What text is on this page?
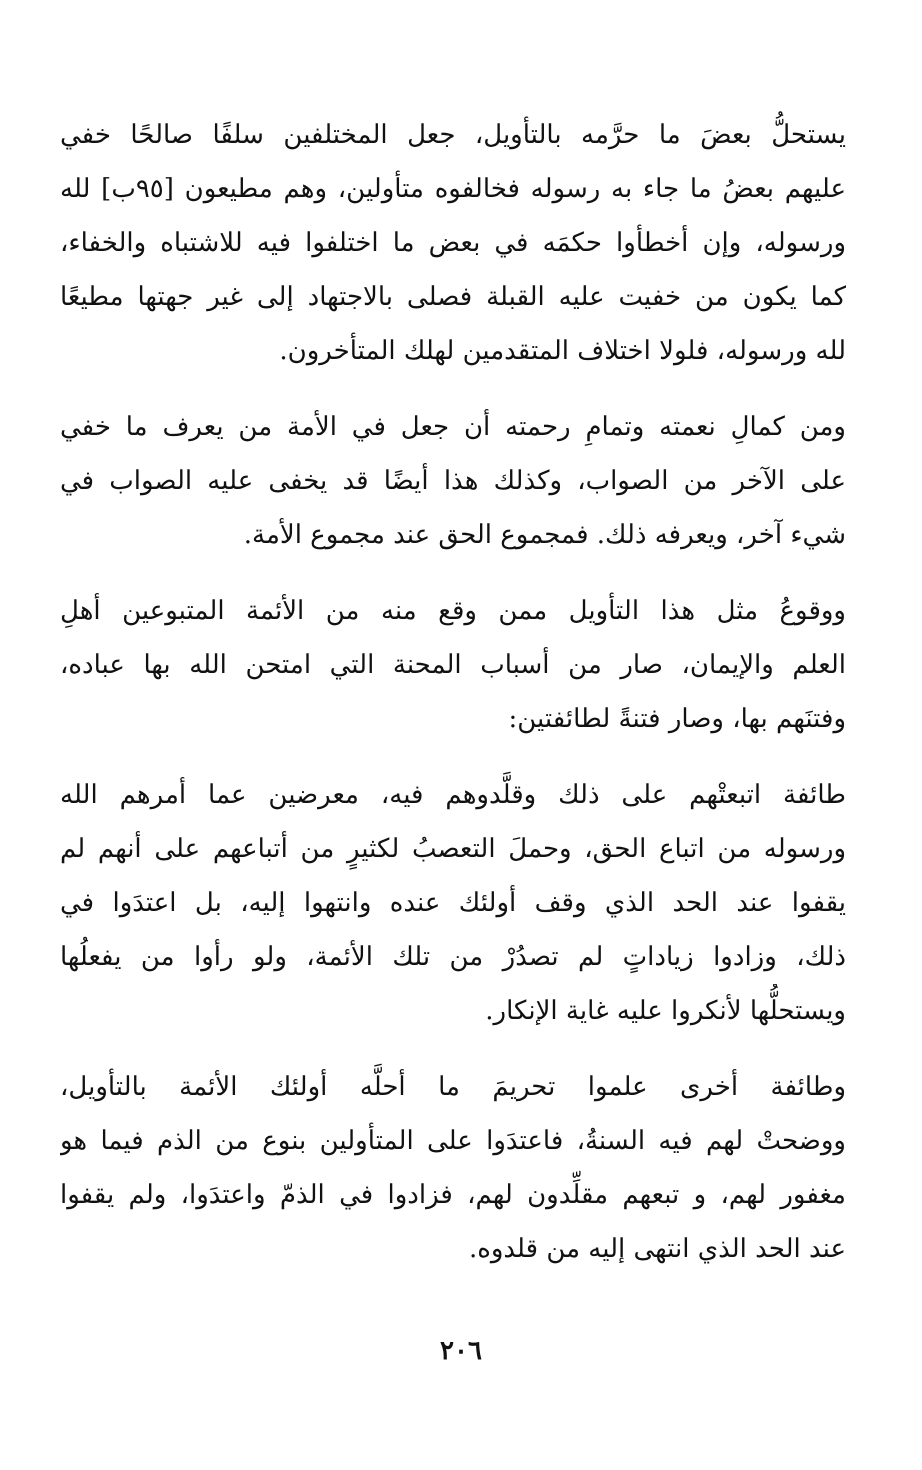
يستحلُّ بعضَ ما حرَّمه بالتأويل، جعل المختلفين سلفًا صالحًا خفي
عليهم بعضُ ما جاء به رسوله فخالفوه متأولين، وهم مطيعون [٩٥ب] لله
ورسوله، وإن أخطأوا حكمَه في بعض ما اختلفوا فيه للاشتباه والخفاء،
كما يكون من خفيت عليه القبلة فصلى بالاجتهاد إلى غير جهتها مطيعًا
لله ورسوله، فلولا اختلاف المتقدمين لهلك المتأخرون.

ومن كمالِ نعمته وتمامِ رحمته أن جعل في الأمة من يعرف ما خفي
على الآخر من الصواب، وكذلك هذا أيضًا قد يخفى عليه الصواب في
شيء آخر، ويعرفه ذلك. فمجموع الحق عند مجموع الأمة.

ووقوعُ مثل هذا التأويل ممن وقع منه من الأئمة المتبوعين أهلِ
العلم والإيمان، صار من أسباب المحنة التي امتحن الله بها عباده،
وفتنَهم بها، وصار فتنةً لطائفتين:

طائفة اتبعتْهم على ذلك وقلَّدوهم فيه، معرضين عما أمرهم الله
ورسوله من اتباع الحق، وحملَ التعصبُ لكثيرٍ من أتباعهم على أنهم لم
يقفوا عند الحد الذي وقف أولئك عنده وانتهوا إليه، بل اعتدَوا في
ذلك، وزادوا زياداتٍ لم تصدُرْ من تلك الأئمة، ولو رأوا من يفعلُها
ويستحلُّها لأنكروا عليه غاية الإنكار.

وطائفة أخرى علموا تحريمَ ما أحلَّه أولئك الأئمة بالتأويل،
ووضحتْ لهم فيه السنةُ، فاعتدَوا على المتأولين بنوع من الذم فيما هو
مغفور لهم، و تبعهم مقلِّدون لهم، فزادوا في الذمّ واعتدَوا، ولم يقفوا
عند الحد الذي انتهى إليه من قلدوه.

٢٠٦
